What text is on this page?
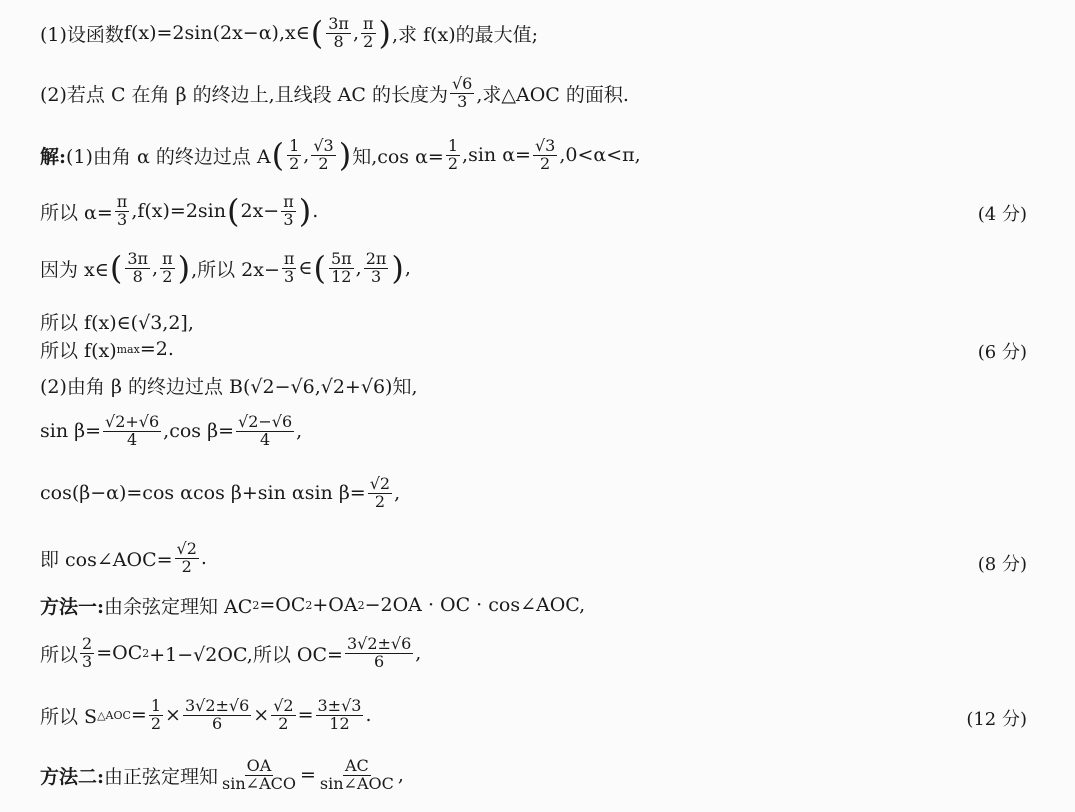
(1)设函数 f(x)=2sin(2x−α),x∈ ( $\frac{3\pi}{8}$ , $\frac{\pi}{2}$ ) ,求 f(x)的最大值;
(2)若点 C 在角 β 的终边上,且线段 AC 的长度为 $\frac{√6}{3}$ ,求△AOC 的面积.
解: (1)由角 α 的终边过点 A ( $\frac{1}{2}$ , $\frac{√3}{2}$ ) 知,cos $\alpha= \frac{1}{2} ,\sin$ $\alpha= \frac{√3}{2} ,0<\alpha<\pi$,
所以 $\alpha= \frac{\pi}{3} ,f(x)=2\sin$ ( $2x- \frac{\pi}{3}$ ) .	(4 分)
因为 x∈ ( $\frac{3\pi}{8}$ , $\frac{\pi}{2}$ ) ,所以 $2x- \frac{\pi}{3}$ ∈ ( $\frac{5\pi}{12}$ , $\frac{2\pi}{3}$ ) ,
所以 f(x)∈(√3,2],
所以 f(x) max =2.	(6 分)
(2)由角 β 的终边过点 B(√2−√6,√2+√6)知,
$\sin \beta= \frac{√2+√6}{4} ,\cos$ $\beta= \frac{√2-√6}{4}$ ,
cos(β−α)=cos αcos β+sin αsin $\beta= \frac{√2}{2}$ ,
即 cos∠AOC= $\frac{√2}{2}$ .	(8 分)
方法一: 由余弦定理知 AC 2 =OC 2 +OA 2 −2OA · OC · cos∠AOC,
所以 $\frac{2}{3} =OC$ 2 +1−√2OC,所以 $OC= \frac{3√2\pm√6}{6}$ ,
所以 S △AOC = $\frac{1}{2} \times \frac{3√2\pm√6}{6} \times \frac{√2}{2} = \frac{3\pm√3}{12}$ .	(12 分)
方法二: 由正弦定理知 $\frac{OA}{\text{sin∠ACO}} = \frac{AC}{\text{sin∠AOC}}$ ,
